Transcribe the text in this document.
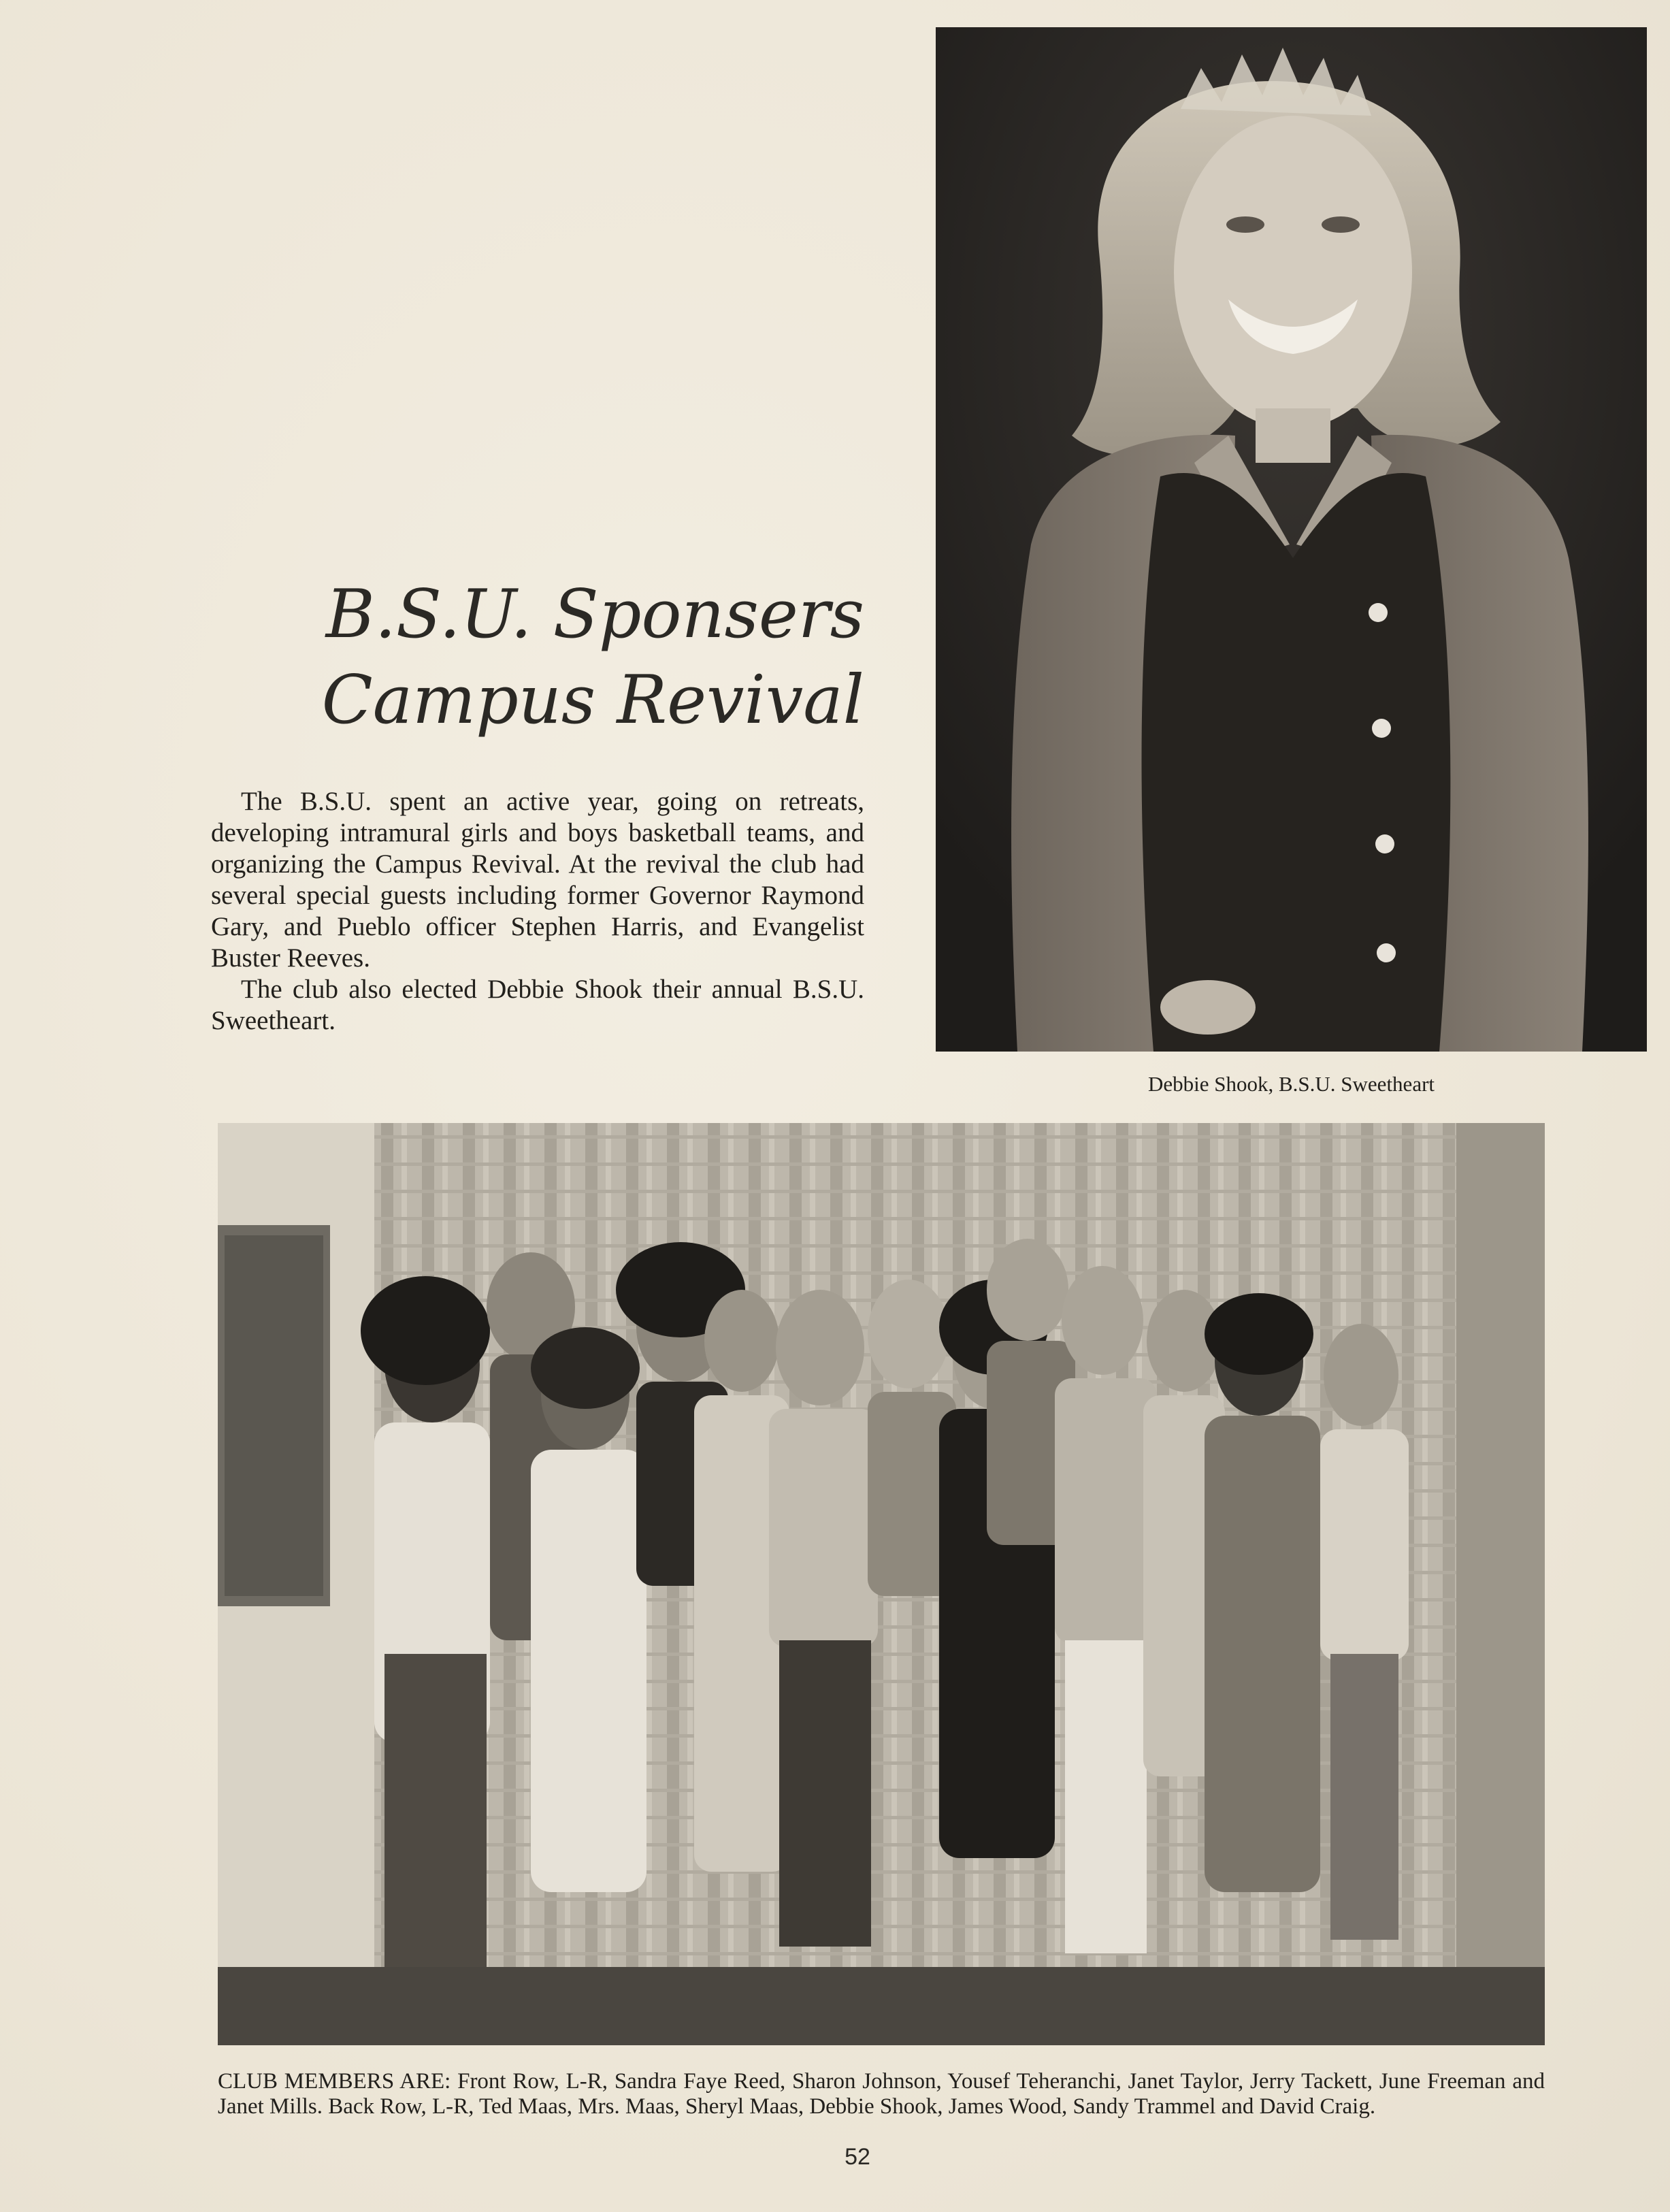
B.S.U. Sponsers
Campus Revival

The B.S.U. spent an active year, going on retreats, developing intramural girls and boys basketball teams, and organizing the Campus Revival. At the revival the club had several special guests including former Governor Raymond Gary, and Pueblo officer Stephen Harris, and Evangelist Buster Reeves.

The club also elected Debbie Shook their annual B.S.U. Sweetheart.

Debbie Shook, B.S.U. Sweetheart
CLUB MEMBERS ARE: Front Row, L-R, Sandra Faye Reed, Sharon Johnson, Yousef Teheranchi, Janet Taylor, Jerry Tackett, June Freeman and Janet Mills. Back Row, L-R, Ted Maas, Mrs. Maas, Sheryl Maas, Debbie Shook, James Wood, Sandy Trammel and David Craig.
52
